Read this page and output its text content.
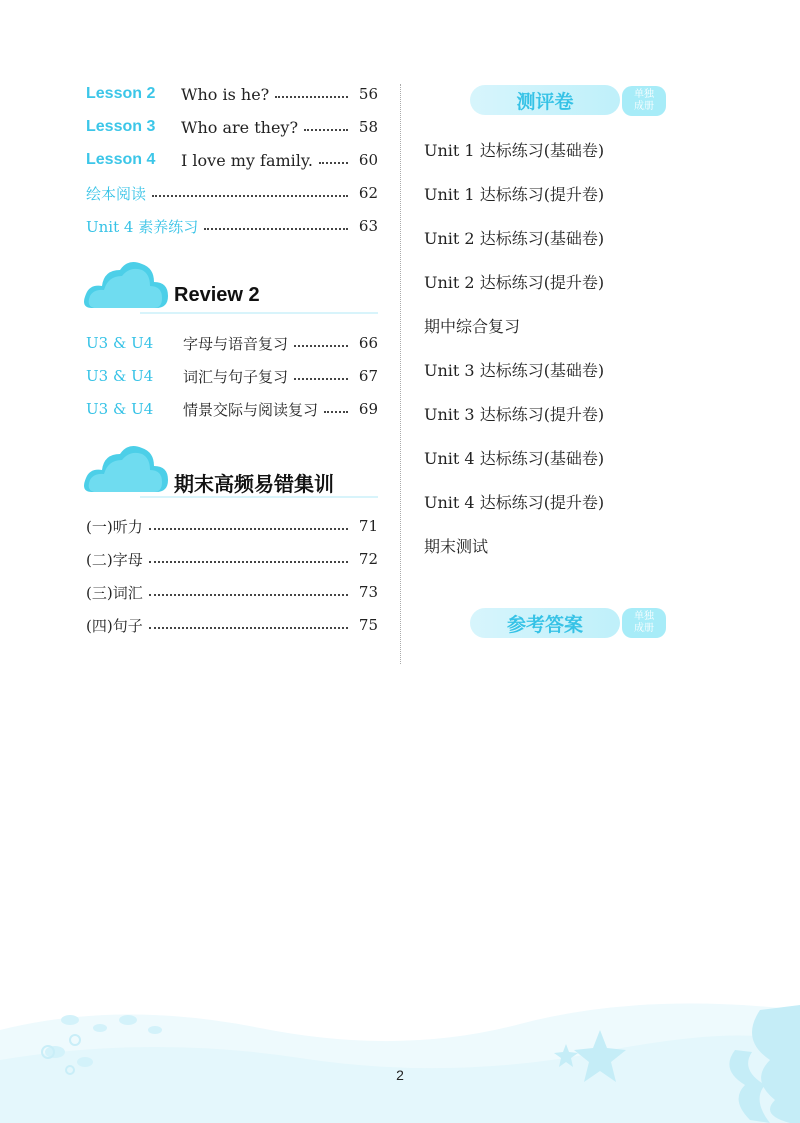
Lesson 2	Who is he?	56
Lesson 3	Who are they?	58
Lesson 4	I love my family.	60
绘本阅读	62
Unit 4 素养练习	63
Review 2
U3 & U4	字母与语音复习	66
U3 & U4	词汇与句子复习	67
U3 & U4	情景交际与阅读复习	69
期末高频易错集训
(一)听力	71
(二)字母	72
(三)词汇	73
(四)句子	75
测评卷	单独
成册
Unit 1 达标练习(基础卷)
Unit 1 达标练习(提升卷)
Unit 2 达标练习(基础卷)
Unit 2 达标练习(提升卷)
期中综合复习
Unit 3 达标练习(基础卷)
Unit 3 达标练习(提升卷)
Unit 4 达标练习(基础卷)
Unit 4 达标练习(提升卷)
期末测试
参考答案	单独
成册
2
